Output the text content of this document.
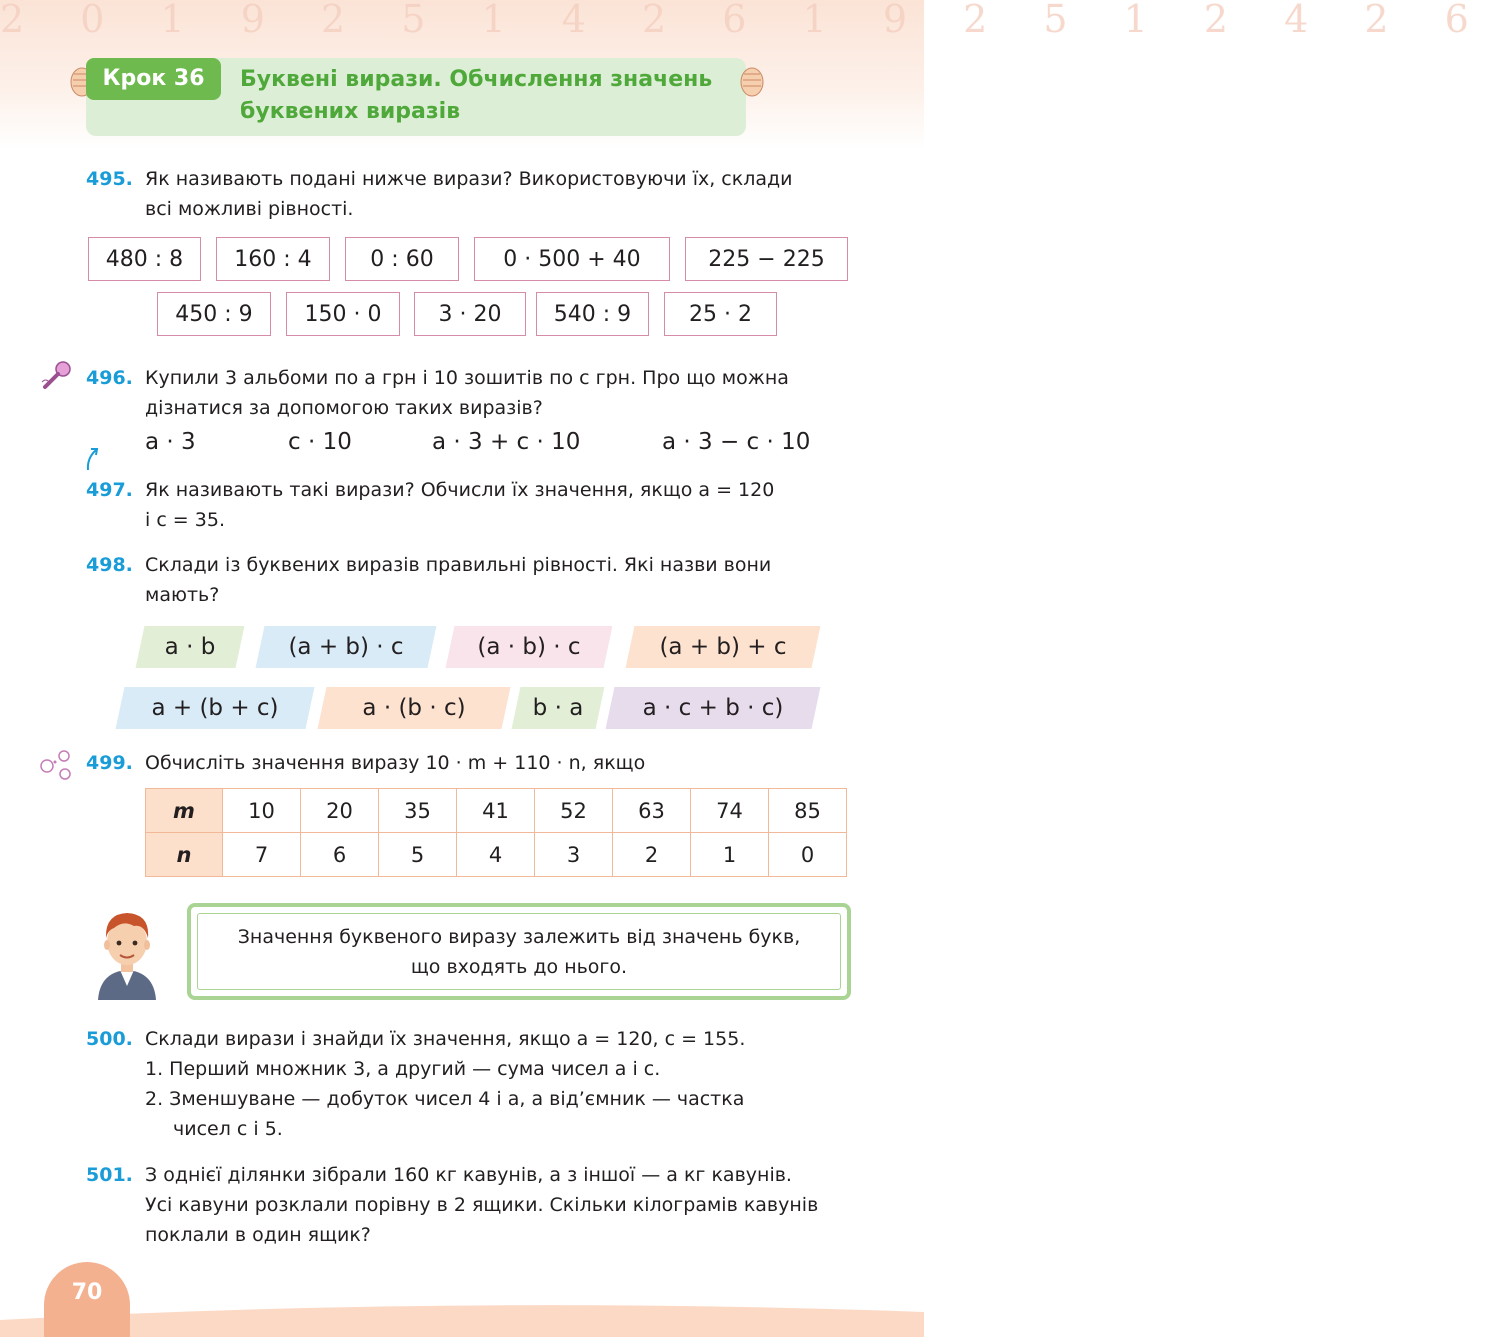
2 0 1 9 2 5 1 4 2 6 1 9 2 5 1 2 4 2 6
Крок 36	Буквені вирази. Обчислення значень
буквених виразів
495. Як називають подані нижче вирази? Використовуючи їх, склади
всі можливі рівності.
480 : 8	160 : 4	0 : 60	0 · 500 + 40	225 − 225
450 : 9	150 · 0	3 · 20	540 : 9	25 · 2
496. Купили 3 альбоми по a грн і 10 зошитів по c грн. Про що можна
дізнатися за допомогою таких виразів?
a · 3	c · 10	a · 3 + c · 10	a · 3 − c · 10
497. Як називають такі вирази? Обчисли їх значення, якщо a = 120
і c = 35.
498. Склади із буквених виразів правильні рівності. Які назви вони
мають?
a · b	(a + b) · c	(a · b) · c	(a + b) + c
a + (b + c)	a · (b · c)	b · a	a · c + b · c)
499. Обчисліть значення виразу 10 · m + 110 · n, якщо
m	10	20	35	41	52	63	74	85
n	7	6	5	4	3	2	1	0
Значення буквеного виразу залежить від значень букв,
що входять до нього.
500. Склади вирази і знайди їх значення, якщо a = 120, c = 155.
1. Перший множник 3, а другий — сума чисел a і c.
2. Зменшуване — добуток чисел 4 і a, а від’ємник — частка
чисел c і 5.
501. З однієї ділянки зібрали 160 кг кавунів, а з іншої — a кг кавунів.
Усі кавуни розклали порівну в 2 ящики. Скільки кілограмів кавунів
поклали в один ящик?
70
